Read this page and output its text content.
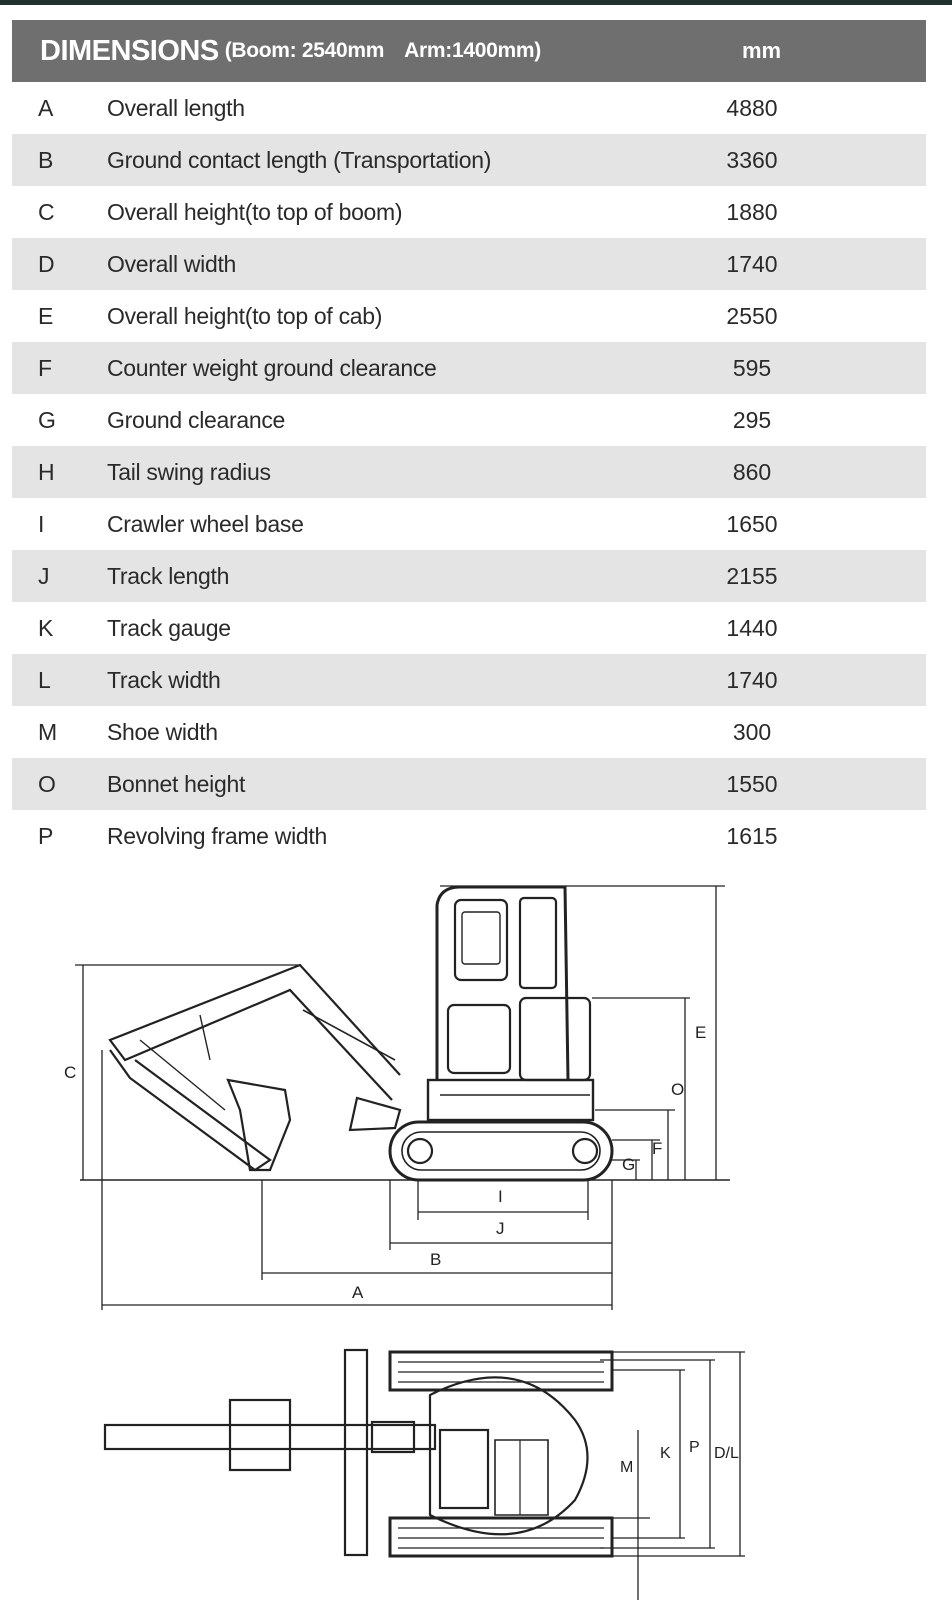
DIMENSIONS (Boom: 2540mm Arm:1400mm)	mm
A	Overall length	4880
B	Ground contact length (Transportation)	3360
C	Overall height(to top of boom)	1880
D	Overall width	1740
E	Overall height(to top of cab)	2550
F	Counter weight ground clearance	595
G	Ground clearance	295
H	Tail swing radius	860
I	Crawler wheel base	1650
J	Track length	2155
K	Track gauge	1440
L	Track width	1740
M	Shoe width	300
O	Bonnet height	1550
P	Revolving frame width	1615
C
E
O
F
G
I
J
B
A
M
K P D/L
